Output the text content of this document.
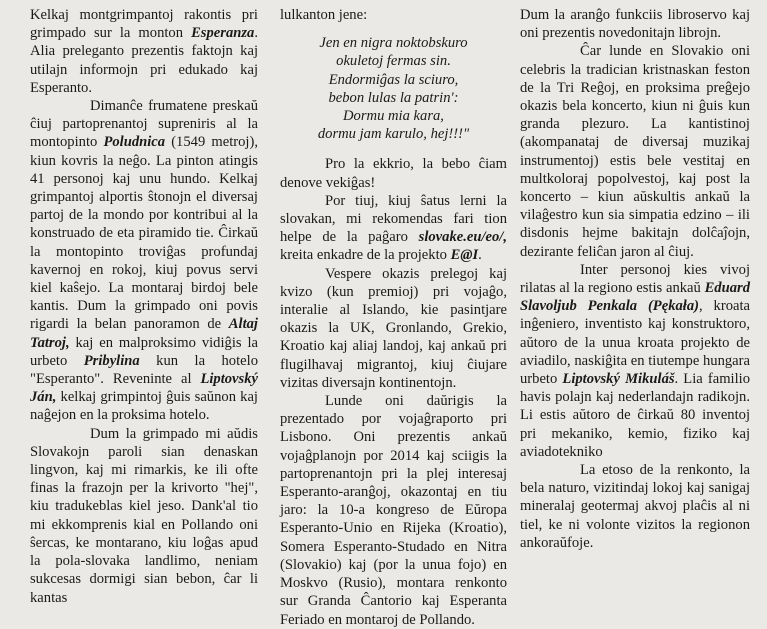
Kelkaj montgrimpantoj rakontis pri grimpado sur la monton Esperanza. Alia preleganto prezentis faktojn kaj utilajn informojn pri edukado kaj Esperanto.

Dimanĉe frumatene preskaŭ ĉiuj partoprenantoj supreniris al la montopinto Poludnica (1549 metroj), kiun kovris la neĝo. La pinton atingis 41 personoj kaj unu hundo. Kelkaj grimpantoj alportis ŝtonojn el diversaj partoj de la mondo por kontribui al la konstruado de eta piramido tie. Ĉirkaŭ la montopinto troviĝas profundaj kavernoj en rokoj, kiuj povus servi kiel kaŝejo. La montaraj birdoj bele kantis. Dum la grimpado oni povis rigardi la belan panoramon de Altaj Tatroj, kaj en malproksimo vidiĝis la urbeto Pribylina kun la hotelo "Esperanto". Reveninte al Liptovský Ján, kelkaj grimpintoj ĝuis saŭnon kaj naĝejon en la proksima hotelo.

Dum la grimpado mi aŭdis Slovakojn paroli sian denaskan lingvon, kaj mi rimarkis, ke ili ofte finas la frazojn per la krivorto "hej", kiu tradukeblas kiel jeso. Dank'al tio mi ekkomprenis kial en Pollando oni ŝercas, ke montarano, kiu loĝas apud la pola-slovaka landlimo, neniam sukcesas dormigi sian bebon, ĉar li kantas

lulkanton jene:

Jen en nigra noktobskuro
okuletoj fermas sin.
Endormiĝas la sciuro,
bebon lulas la patrin':
Dormu mia kara,
dormu jam karulo, hej!!!"

Pro la ekkrio, la bebo ĉiam denove vekiĝas!

Por tiuj, kiuj ŝatus lerni la slovakan, mi rekomendas fari tion helpe de la paĝaro slovake.eu/eo/, kreita enkadre de la projekto E@I.

Vespere okazis prelegoj kaj kvizo (kun premioj) pri vojaĝo, interalie al Islando, kie pasintjare okazis la UK, Gronlando, Grekio, Kroatio kaj aliaj landoj, kaj ankaŭ pri flugilhavaj migrantoj, kiuj ĉiujare vizitas diversajn kontinentojn.

Lunde oni daŭrigis la prezentado por vojaĝraporto pri Lisbono. Oni prezentis ankaŭ vojaĝplanojn por 2014 kaj sciigis la partoprenantojn pri la plej interesaj Esperanto-aranĝoj, okazontaj en tiu jaro: la 10-a kongreso de Eŭropa Esperanto-Unio en Rijeka (Kroatio), Somera Esperanto-Studado en Nitra (Slovakio) kaj (por la unua fojo) en Moskvo (Rusio), montara renkonto sur Granda Ĉantorio kaj Esperanta Feriado en montaroj de Pollando.

Dum la aranĝo funkciis libroservo kaj oni prezentis novedonitajn librojn.

Ĉar lunde en Slovakio oni celebris la tradician kristnaskan feston de la Tri Reĝoj, en proksima preĝejo okazis bela koncerto, kiun ni ĝuis kun granda plezuro. La kantistinoj (akompanataj de diversaj muzikaj instrumentoj) estis bele vestitaj en multkoloraj popolvestoj, kaj post la koncerto – kiun aŭskultis ankaŭ la vilaĝestro kun sia simpatia edzino – ili disdonis hejme bakitajn dolĉaĵojn, dezirante feliĉan jaron al ĉiuj.

Inter personoj kies vivoj rilatas al la regiono estis ankaŭ Eduard Slavoljub Penkala (Pękała), kroata inĝeniero, inventisto kaj konstruktoro, aŭtoro de la unua kroata projekto de aviadilo, naskiĝita en tiutempe hungara urbeto Liptovský Mikuláš. Lia familio havis polajn kaj nederlandajn radikojn. Li estis aŭtoro de ĉirkaŭ 80 inventoj pri mekaniko, kemio, fiziko kaj aviadotekniko

La etoso de la renkonto, la bela naturo, vizitindaj lokoj kaj sanigaj mineralaj geotermaj akvoj plaĉis al ni tiel, ke ni volonte vizitos la regionon ankoraŭfoje.
